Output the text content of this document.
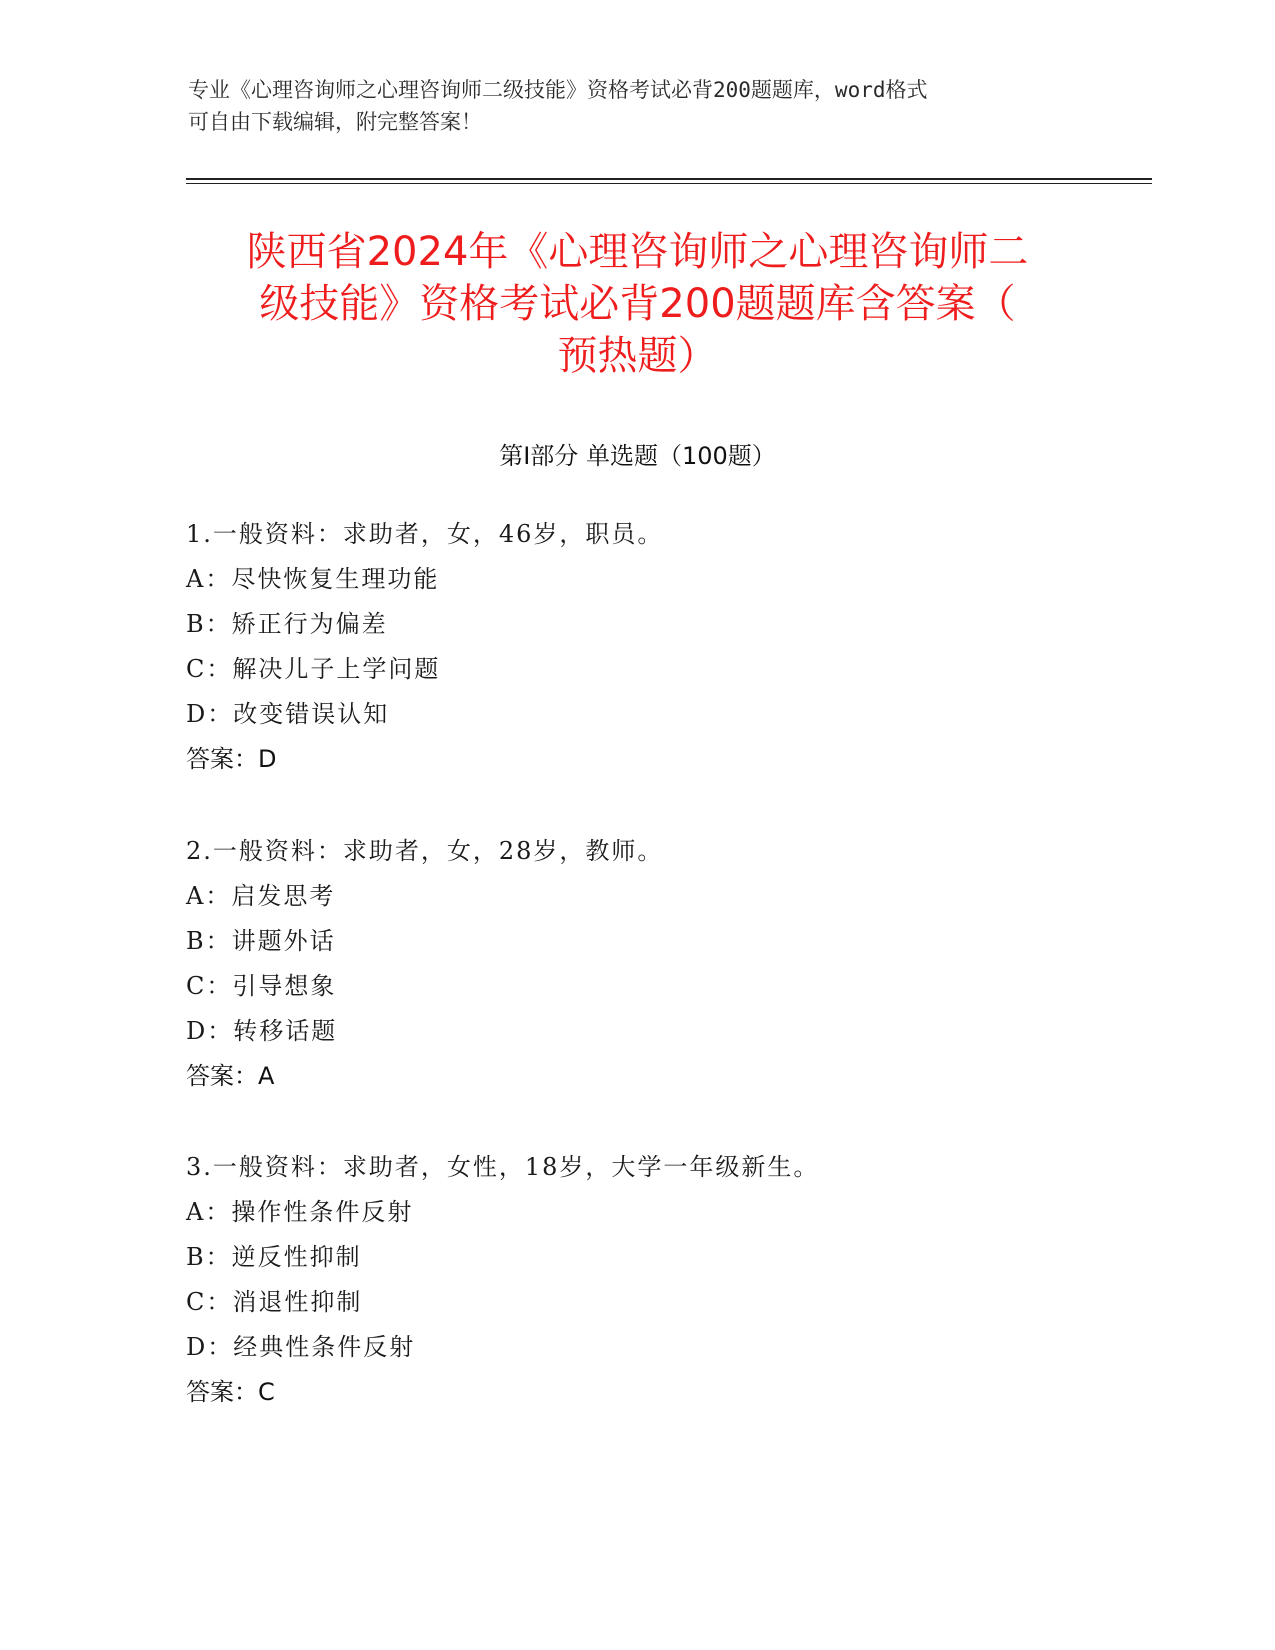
专业《心理咨询师之心理咨询师二级技能》资格考试必背200题题库，word格式
可自由下载编辑，附完整答案！
陕西省2024年《心理咨询师之心理咨询师二
级技能》资格考试必背200题题库含答案（
预热题）
第Ⅰ部分 单选题（100题）
1.一般资料：求助者，女，46岁，职员。
A：尽快恢复生理功能
B：矫正行为偏差
C：解决儿子上学问题
D：改变错误认知
答案：D
2.一般资料：求助者，女，28岁，教师。
A：启发思考
B：讲题外话
C：引导想象
D：转移话题
答案：A
3.一般资料：求助者，女性，18岁，大学一年级新生。
A：操作性条件反射
B：逆反性抑制
C：消退性抑制
D：经典性条件反射
答案：C
